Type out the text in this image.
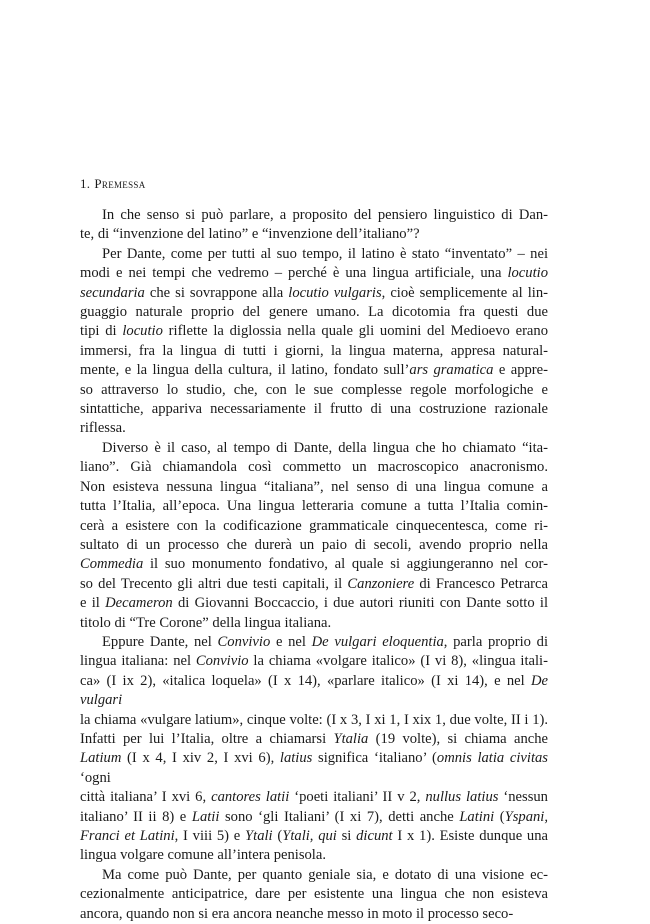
1. Premessa
In che senso si può parlare, a proposito del pensiero linguistico di Dan-
te, di “invenzione del latino” e “invenzione dell’italiano”?
Per Dante, come per tutti al suo tempo, il latino è stato “inventato” – nei
modi e nei tempi che vedremo – perché è una lingua artificiale, una locutio
secundaria che si sovrappone alla locutio vulgaris, cioè semplicemente al lin-
guaggio naturale proprio del genere umano. La dicotomia fra questi due
tipi di locutio riflette la diglossia nella quale gli uomini del Medioevo erano
immersi, fra la lingua di tutti i giorni, la lingua materna, appresa natural-
mente, e la lingua della cultura, il latino, fondato sull’ars gramatica e appre-
so attraverso lo studio, che, con le sue complesse regole morfologiche e
sintattiche, appariva necessariamente il frutto di una costruzione razionale
riflessa.
Diverso è il caso, al tempo di Dante, della lingua che ho chiamato “ita-
liano”. Già chiamandola così commetto un macroscopico anacronismo.
Non esisteva nessuna lingua “italiana”, nel senso di una lingua comune a
tutta l’Italia, all’epoca. Una lingua letteraria comune a tutta l’Italia comin-
cerà a esistere con la codificazione grammaticale cinquecentesca, come ri-
sultato di un processo che durerà un paio di secoli, avendo proprio nella
Commedia il suo monumento fondativo, al quale si aggiungeranno nel cor-
so del Trecento gli altri due testi capitali, il Canzoniere di Francesco Petrarca
e il Decameron di Giovanni Boccaccio, i due autori riuniti con Dante sotto il
titolo di “Tre Corone” della lingua italiana.
Eppure Dante, nel Convivio e nel De vulgari eloquentia, parla proprio di
lingua italiana: nel Convivio la chiama «volgare italico» (I vi 8), «lingua itali-
ca» (I ix 2), «italica loquela» (I x 14), «parlare italico» (I xi 14), e nel De vulgari
la chiama «vulgare latium», cinque volte: (I x 3, I xi 1, I xix 1, due volte, II i 1).
Infatti per lui l’Italia, oltre a chiamarsi Ytalia (19 volte), si chiama anche
Latium (I x 4, I xiv 2, I xvi 6), latius significa ‘italiano’ (omnis latia civitas ‘ogni
città italiana’ I xvi 6, cantores latii ‘poeti italiani’ II v 2, nullus latius ‘nessun
italiano’ II ii 8) e Latii sono ‘gli Italiani’ (I xi 7), detti anche Latini (Yspani,
Franci et Latini, I viii 5) e Ytali (Ytali, qui si dicunt I x 1). Esiste dunque una
lingua volgare comune all’intera penisola.
Ma come può Dante, per quanto geniale sia, e dotato di una visione ec-
cezionalmente anticipatrice, dare per esistente una lingua che non esisteva
ancora, quando non si era ancora neanche messo in moto il processo seco-
